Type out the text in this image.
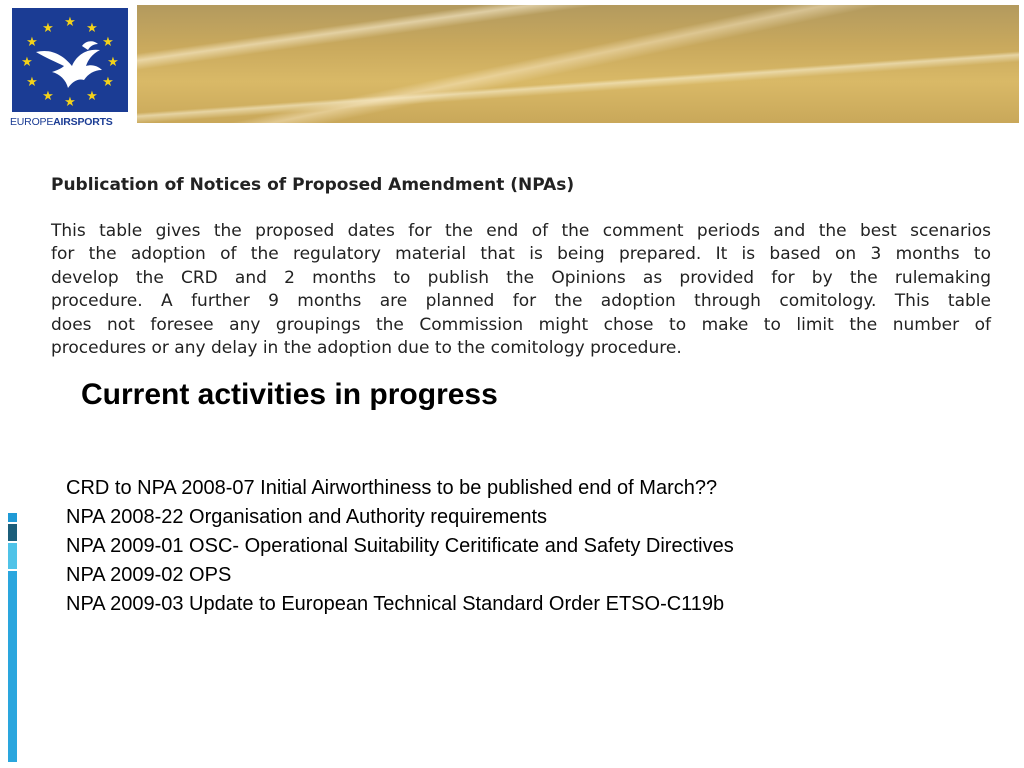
★ ★
★
★
★
★
★
★
★
★
★
★
EUROPEAIRSPORTS
Publication of Notices of Proposed Amendment (NPAs)

This table gives the proposed dates for the end of the comment periods and the best scenarios
for the adoption of the regulatory material that is being prepared. It is based on 3 months to
develop the CRD and 2 months to publish the Opinions as provided for by the rulemaking
procedure. A further 9 months are planned for the adoption through comitology. This table
does not foresee any groupings the Commission might chose to make to limit the number of
procedures or any delay in the adoption due to the comitology procedure.

Current activities in progress
CRD to NPA 2008-07 Initial Airworthiness to be published end of March??
NPA 2008-22 Organisation and Authority requirements
NPA 2009-01 OSC- Operational Suitability Ceritificate and Safety Directives
NPA 2009-02 OPS
NPA 2009-03 Update to European Technical Standard Order ETSO-C119b
